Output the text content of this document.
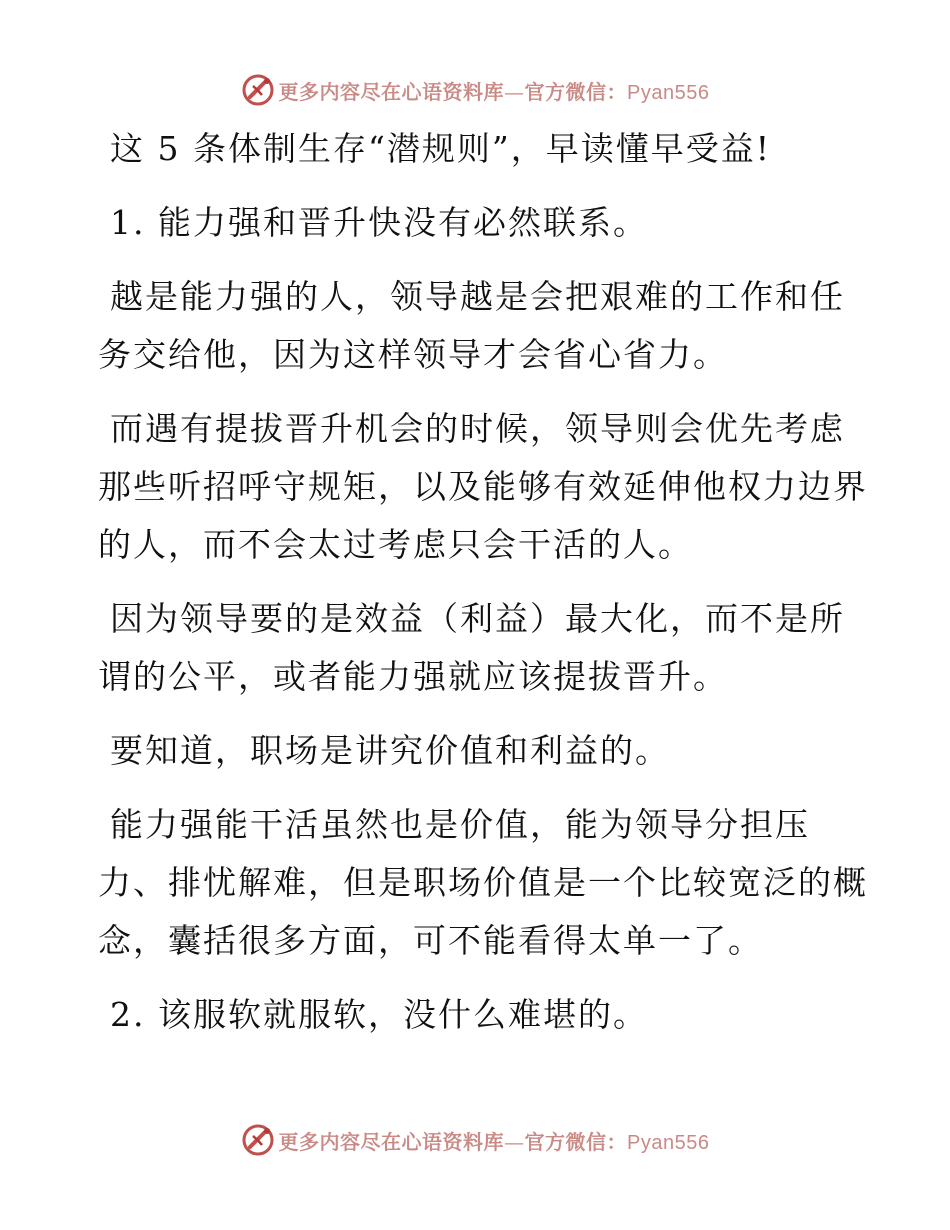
更多内容尽在心语资料库—官方微信：Pyan556

这 5 条体制生存“潜规则”，早读懂早受益!

1. 能力强和晋升快没有必然联系。

越是能力强的人，领导越是会把艰难的工作和任
务交给他，因为这样领导才会省心省力。

而遇有提拔晋升机会的时候，领导则会优先考虑
那些听招呼守规矩，以及能够有效延伸他权力边界
的人，而不会太过考虑只会干活的人。

因为领导要的是效益（利益）最大化，而不是所
谓的公平，或者能力强就应该提拔晋升。

要知道，职场是讲究价值和利益的。

能力强能干活虽然也是价值，能为领导分担压
力、排忧解难，但是职场价值是一个比较宽泛的概
念，囊括很多方面，可不能看得太单一了。

2. 该服软就服软，没什么难堪的。

更多内容尽在心语资料库—官方微信：Pyan556
